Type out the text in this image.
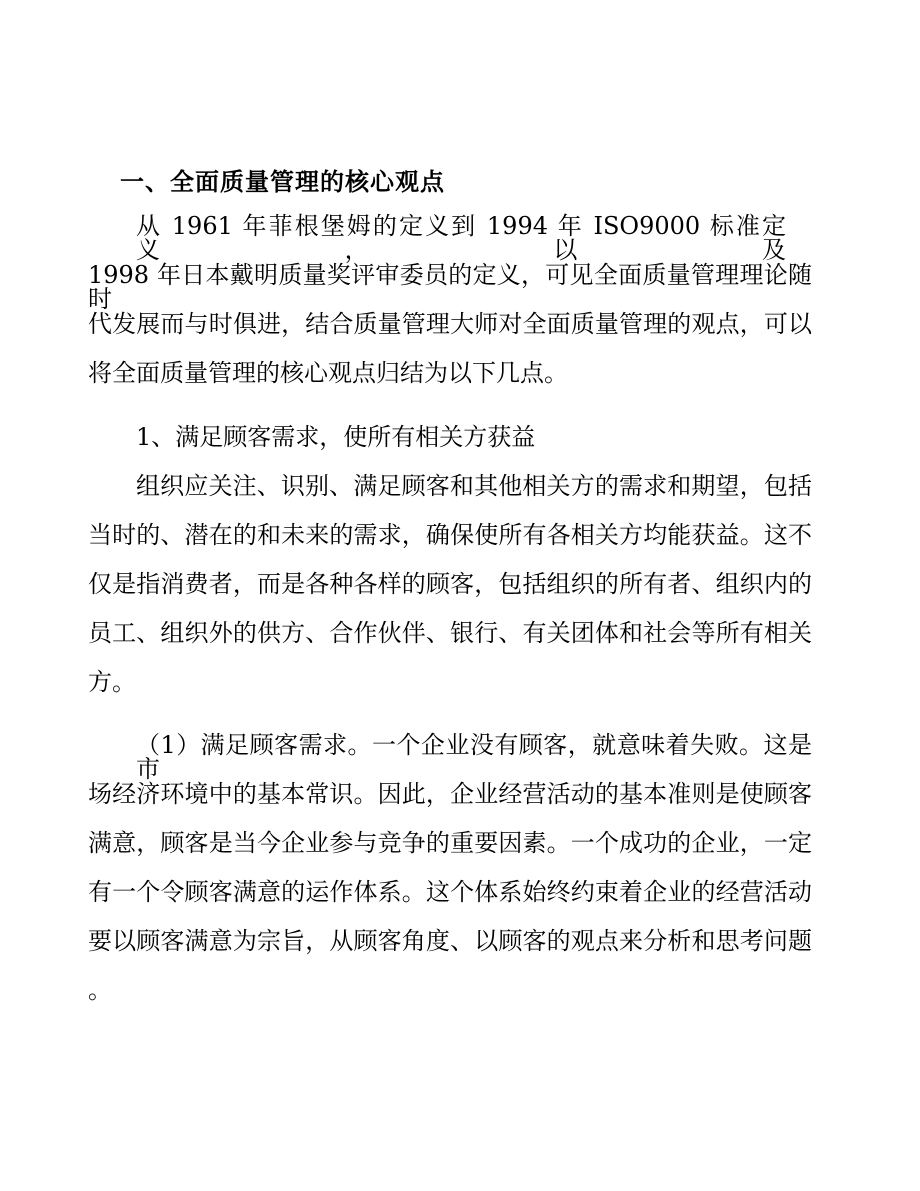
一、全面质量管理的核心观点
从 1961 年菲根堡姆的定义到 1994 年 ISO9000 标准定义，以及
1998 年日本戴明质量奖评审委员的定义，可见全面质量管理理论随时
代发展而与时俱进，结合质量管理大师对全面质量管理的观点，可以
将全面质量管理的核心观点归结为以下几点。
1、满足顾客需求，使所有相关方获益
组织应关注、识别、满足顾客和其他相关方的需求和期望，包括
当时的、潜在的和未来的需求，确保使所有各相关方均能获益。这不
仅是指消费者，而是各种各样的顾客，包括组织的所有者、组织内的
员工、组织外的供方、合作伙伴、银行、有关团体和社会等所有相关
方。
（1）满足顾客需求。一个企业没有顾客，就意味着失败。这是市
场经济环境中的基本常识。因此，企业经营活动的基本准则是使顾客
满意，顾客是当今企业参与竞争的重要因素。一个成功的企业，一定
有一个令顾客满意的运作体系。这个体系始终约束着企业的经营活动
要以顾客满意为宗旨，从顾客角度、以顾客的观点来分析和思考问题
。
